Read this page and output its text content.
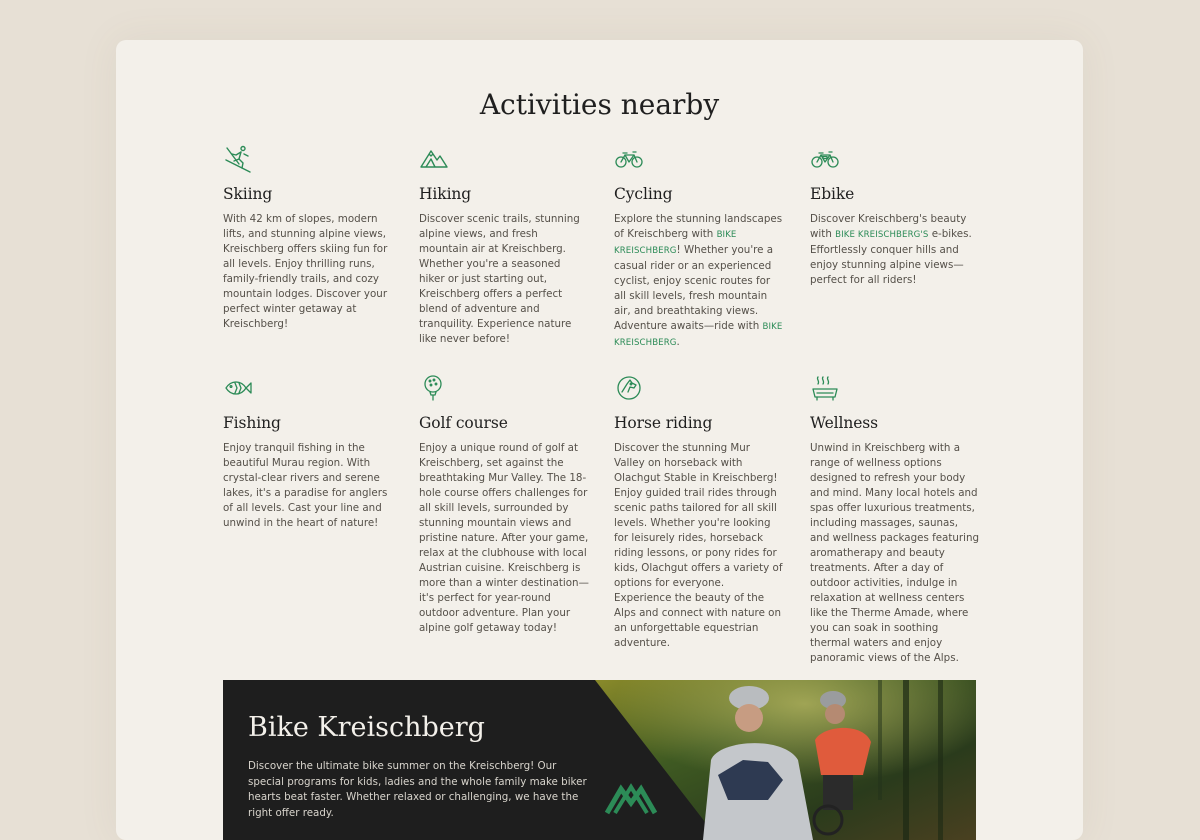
Activities nearby
Skiing

With 42 km of slopes, modern lifts, and stunning alpine views, Kreischberg offers skiing fun for all levels. Enjoy thrilling runs, family-friendly trails, and cozy mountain lodges. Discover your perfect winter getaway at Kreischberg!

Hiking

Discover scenic trails, stunning alpine views, and fresh mountain air at Kreischberg. Whether you're a seasoned hiker or just starting out, Kreischberg offers a perfect blend of adventure and tranquility. Experience nature like never before!

Cycling

Explore the stunning landscapes of Kreischberg with BIKE KREISCHBERG! Whether you're a casual rider or an experienced cyclist, enjoy scenic routes for all skill levels, fresh mountain air, and breathtaking views. Adventure awaits—ride with BIKE KREISCHBERG.

Ebike

Discover Kreischberg's beauty with BIKE KREISCHBERG'S e-bikes. Effortlessly conquer hills and enjoy stunning alpine views—perfect for all riders!

Fishing

Enjoy tranquil fishing in the beautiful Murau region. With crystal-clear rivers and serene lakes, it's a paradise for anglers of all levels. Cast your line and unwind in the heart of nature!

Golf course

Enjoy a unique round of golf at Kreischberg, set against the breathtaking Mur Valley. The 18-hole course offers challenges for all skill levels, surrounded by stunning mountain views and pristine nature. After your game, relax at the clubhouse with local Austrian cuisine. Kreischberg is more than a winter destination—it's perfect for year-round outdoor adventure. Plan your alpine golf getaway today!

Horse riding

Discover the stunning Mur Valley on horseback with Olachgut Stable in Kreischberg! Enjoy guided trail rides through scenic paths tailored for all skill levels. Whether you're looking for leisurely rides, horseback riding lessons, or pony rides for kids, Olachgut offers a variety of options for everyone. Experience the beauty of the Alps and connect with nature on an unforgettable equestrian adventure.

Wellness

Unwind in Kreischberg with a range of wellness options designed to refresh your body and mind. Many local hotels and spas offer luxurious treatments, including massages, saunas, and wellness packages featuring aromatherapy and beauty treatments. After a day of outdoor activities, indulge in relaxation at wellness centers like the Therme Amade, where you can soak in soothing thermal waters and enjoy panoramic views of the Alps.

Bike Kreischberg

Discover the ultimate bike summer on the Kreischberg! Our special programs for kids, ladies and the whole family make biker hearts beat faster. Whether relaxed or challenging, we have the right offer ready.
